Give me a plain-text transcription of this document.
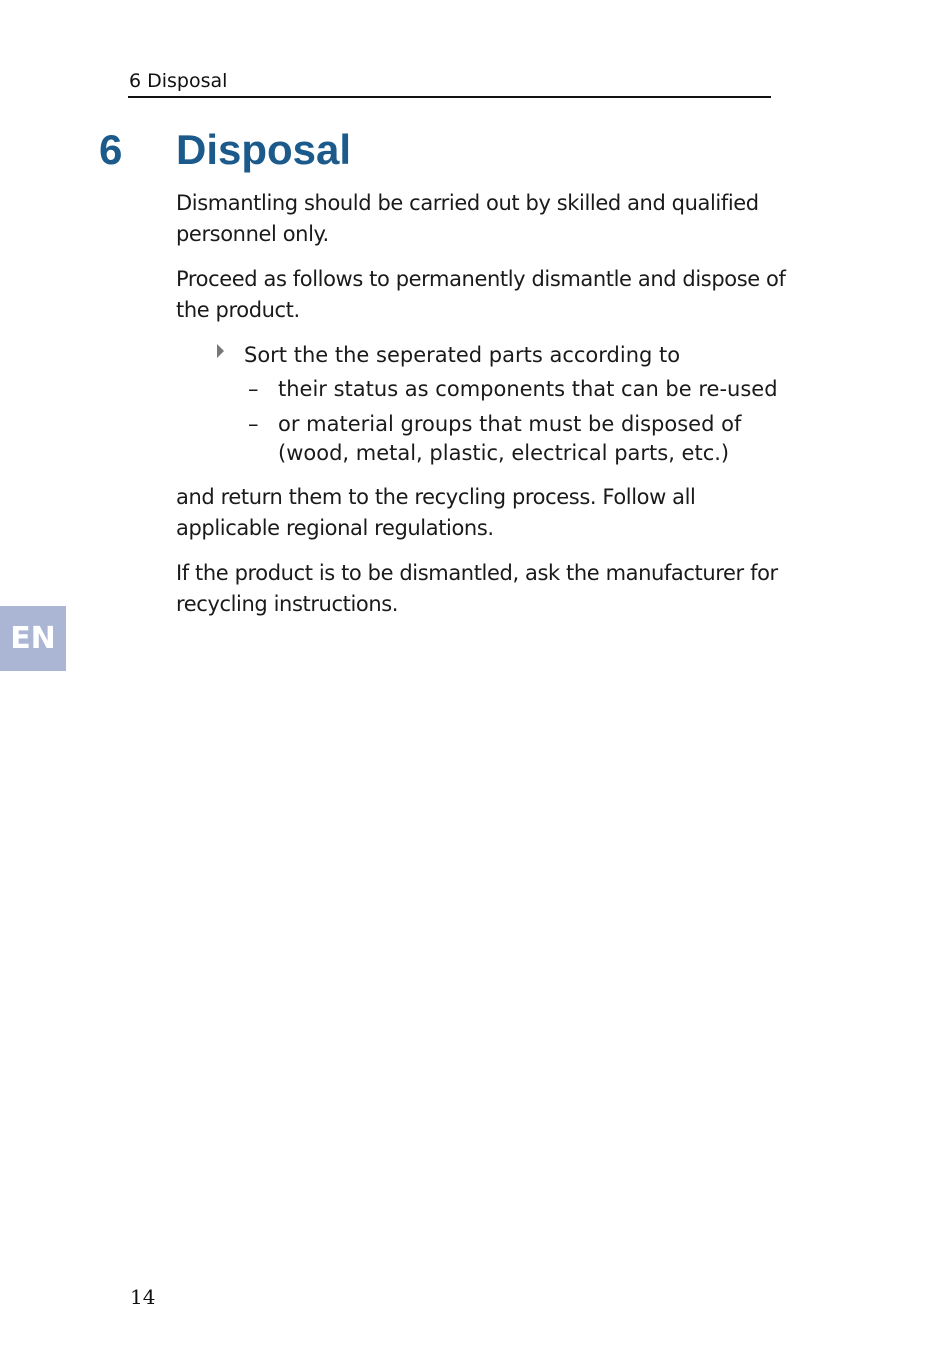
6 Disposal
6 Disposal

Dismantling should be carried out by skilled and qualified personnel only.

Proceed as follows to permanently dismantle and dispose of the product.

Sort the the seperated parts according to
– their status as components that can be re-used
– or material groups that must be disposed of (wood, metal, plastic, electrical parts, etc.)

and return them to the recycling process. Follow all applicable regional regulations.

If the product is to be dismantled, ask the manufacturer for recycling instructions.

EN
14
